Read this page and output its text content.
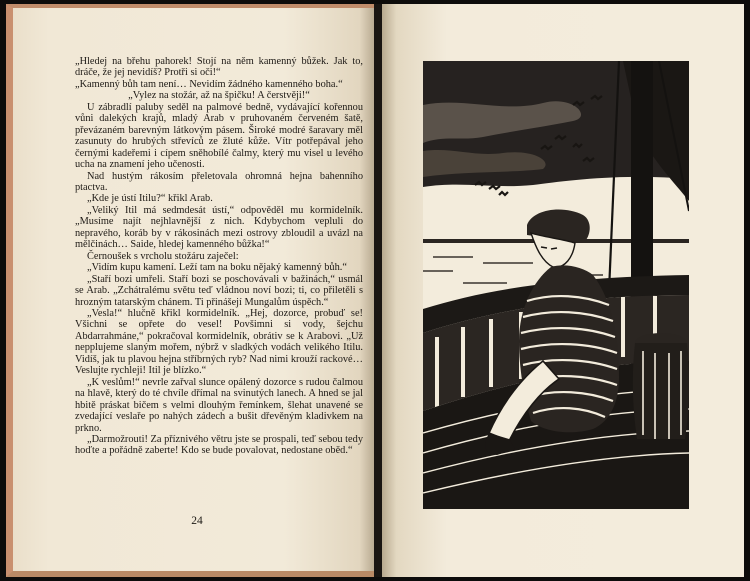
„Hledej na břehu pahorek! Stojí na něm kamenný bůžek. Jak to, dráče, že jej nevidíš? Protři si oči!“

„Kamenný bůh tam není… Nevidím žádného kamenného boha.“

„Vylez na stožár, až na špičku! A čerstvěji!“

U zábradlí paluby seděl na palmové bedně, vydávající kořennou vůni dalekých krajů, mladý Arab v pruhovaném červeném šatě, převázaném barevným látkovým pásem. Široké modré šaravary měl zasunuty do hrubých střevíců ze žluté kůže. Vítr potřepával jeho černými kadeřemi i cípem sněhobílé čalmy, který mu visel u levého ucha na znamení jeho učenosti.

Nad hustým rákosím přeletovala ohromná hejna bahenního ptactva.

„Kde je ústí Itilu?“ křikl Arab.

„Veliký Itil má sedmdesát ústí,“ odpověděl mu kormidelník. „Musíme najít nejhlavnější z nich. Kdybychom vepluli do nepravého, koráb by v rákosinách mezi ostrovy zbloudil a uvázl na mělčinách… Saide, hledej kamenného bůžka!“

Černoušek s vrcholu stožáru zaječel:

„Vidím kupu kamení. Leží tam na boku nějaký kamenný bůh.“

„Staří bozi umřeli. Staří bozi se poschovávali v bažinách,“ usmál se Arab. „Zchátralému světu teď vládnou noví bozi; ti, co přiletěli s hrozným tatarským chánem. Ti přinášejí Mungalům úspěch.“

„Vesla!“ hlučně křikl kormidelník. „Hej, dozorce, probuď se! Všichni se opřete do vesel! Povšimni si vody, šejchu Abdarrahmáne,“ pokračoval kormidelník, obrátiv se k Arabovi. „Už nepplujeme slaným mořem, nýbrž v sladkých vodách velikého Itilu. Vidíš, jak tu plavou hejna stříbrných ryb? Nad nimi krouží rackové… Veslujte rychleji! Itil je blízko.“

„K veslům!“ nevrle zařval slunce opálený dozorce s rudou čalmou na hlavě, který do té chvíle dřímal na svinutých lanech. A hned se jal hbitě práskat bičem s velmi dlouhým řemínkem, šlehat unavené se zvedající veslaře po nahých zádech a bušit dřevěným kladivkem na prkno.

„Darmožrouti! Za příznivého větru jste se prospali, teď sebou tedy hoďte a pořádně zaberte! Kdo se bude povalovat, nedostane oběd.“

24
